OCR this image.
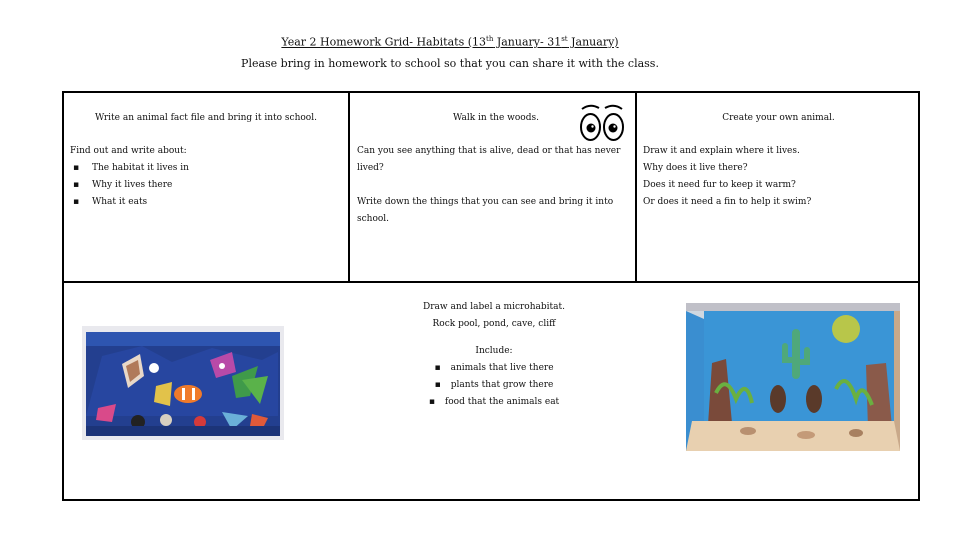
Year 2 Homework Grid- Habitats (13th January- 31st January)
Please bring in homework to school so that you can share it with the class.
Write an animal fact file and bring it into school.

Find out and write about:

▪ The habitat it lives in
▪ Why it lives there
▪ What it eats
Walk in the woods.

Can you see anything that is alive, dead or that has never lived?

Write down the things that you can see and bring it into school.

Create your own animal.

Draw it and explain where it lives.

Why does it live there?

Does it need fur to keep it warm?

Or does it need a fin to help it swim?

Draw and label a microhabitat.
Rock pool, pond, cave, cliff
Include:
▪ animals that live there
▪ plants that grow there
▪ food that the animals eat
